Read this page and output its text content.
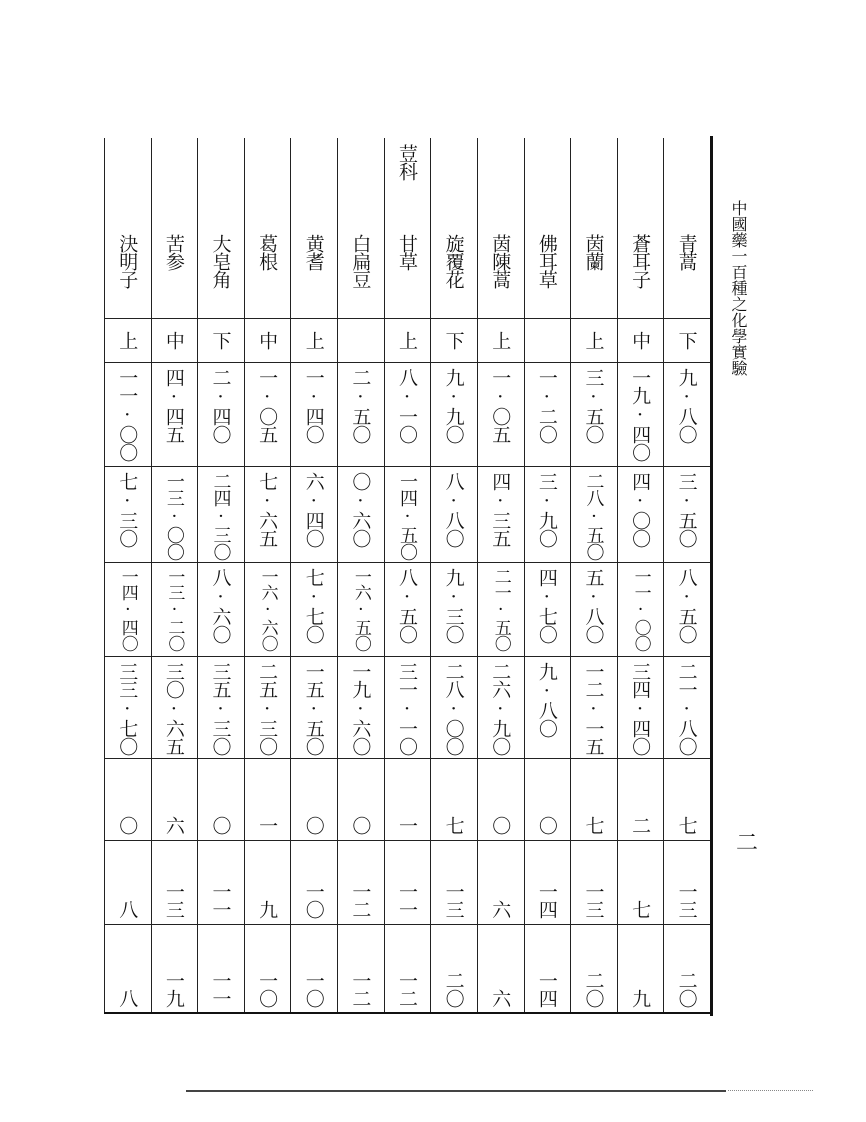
青蒿
下
九·八〇
三·五〇
八·五〇
二一·八〇
七
一三
二〇
蒼耳子
中
一九·四〇
四·〇〇
一一·〇〇
三四·四〇
二
七
九
茵蘭
上
三·五〇
二八·五〇
五·八〇
一二·一五
七
一三
二〇
佛耳草
一·二〇
三·九〇
四·七〇
九·八〇
〇
一四
一四
茵陳蒿
上
一·〇五
四·三五
二一·五〇
二六·九〇
〇
六
六
旋覆花
下
九·九〇
八·八〇
九·三〇
二八·〇〇
七
一三
二〇
荳科
甘草
上
八·一〇
一四·五〇
八·五〇
三一·一〇
一
一一
一二
白扁豆
二·五〇
〇·六〇
一六·五〇
一九·六〇
〇
一二
一二
黄耆
上
一·四〇
六·四〇
七·七〇
一五·五〇
〇
一〇
一〇
葛根
中
一·〇五
七·六五
一六·六〇
二五·三〇
一
九
一〇
大皂角
下
二·四〇
二四·三〇
八·六〇
三五·三〇
〇
一一
一一
苦参
中
四·四五
一三·〇〇
一三·二〇
三〇·六五
六
一三
一九
決明子
上
一一·〇〇
七·三〇
一四·四〇
三三·七〇
〇
八
八
中國藥一百種之化學實驗
二
